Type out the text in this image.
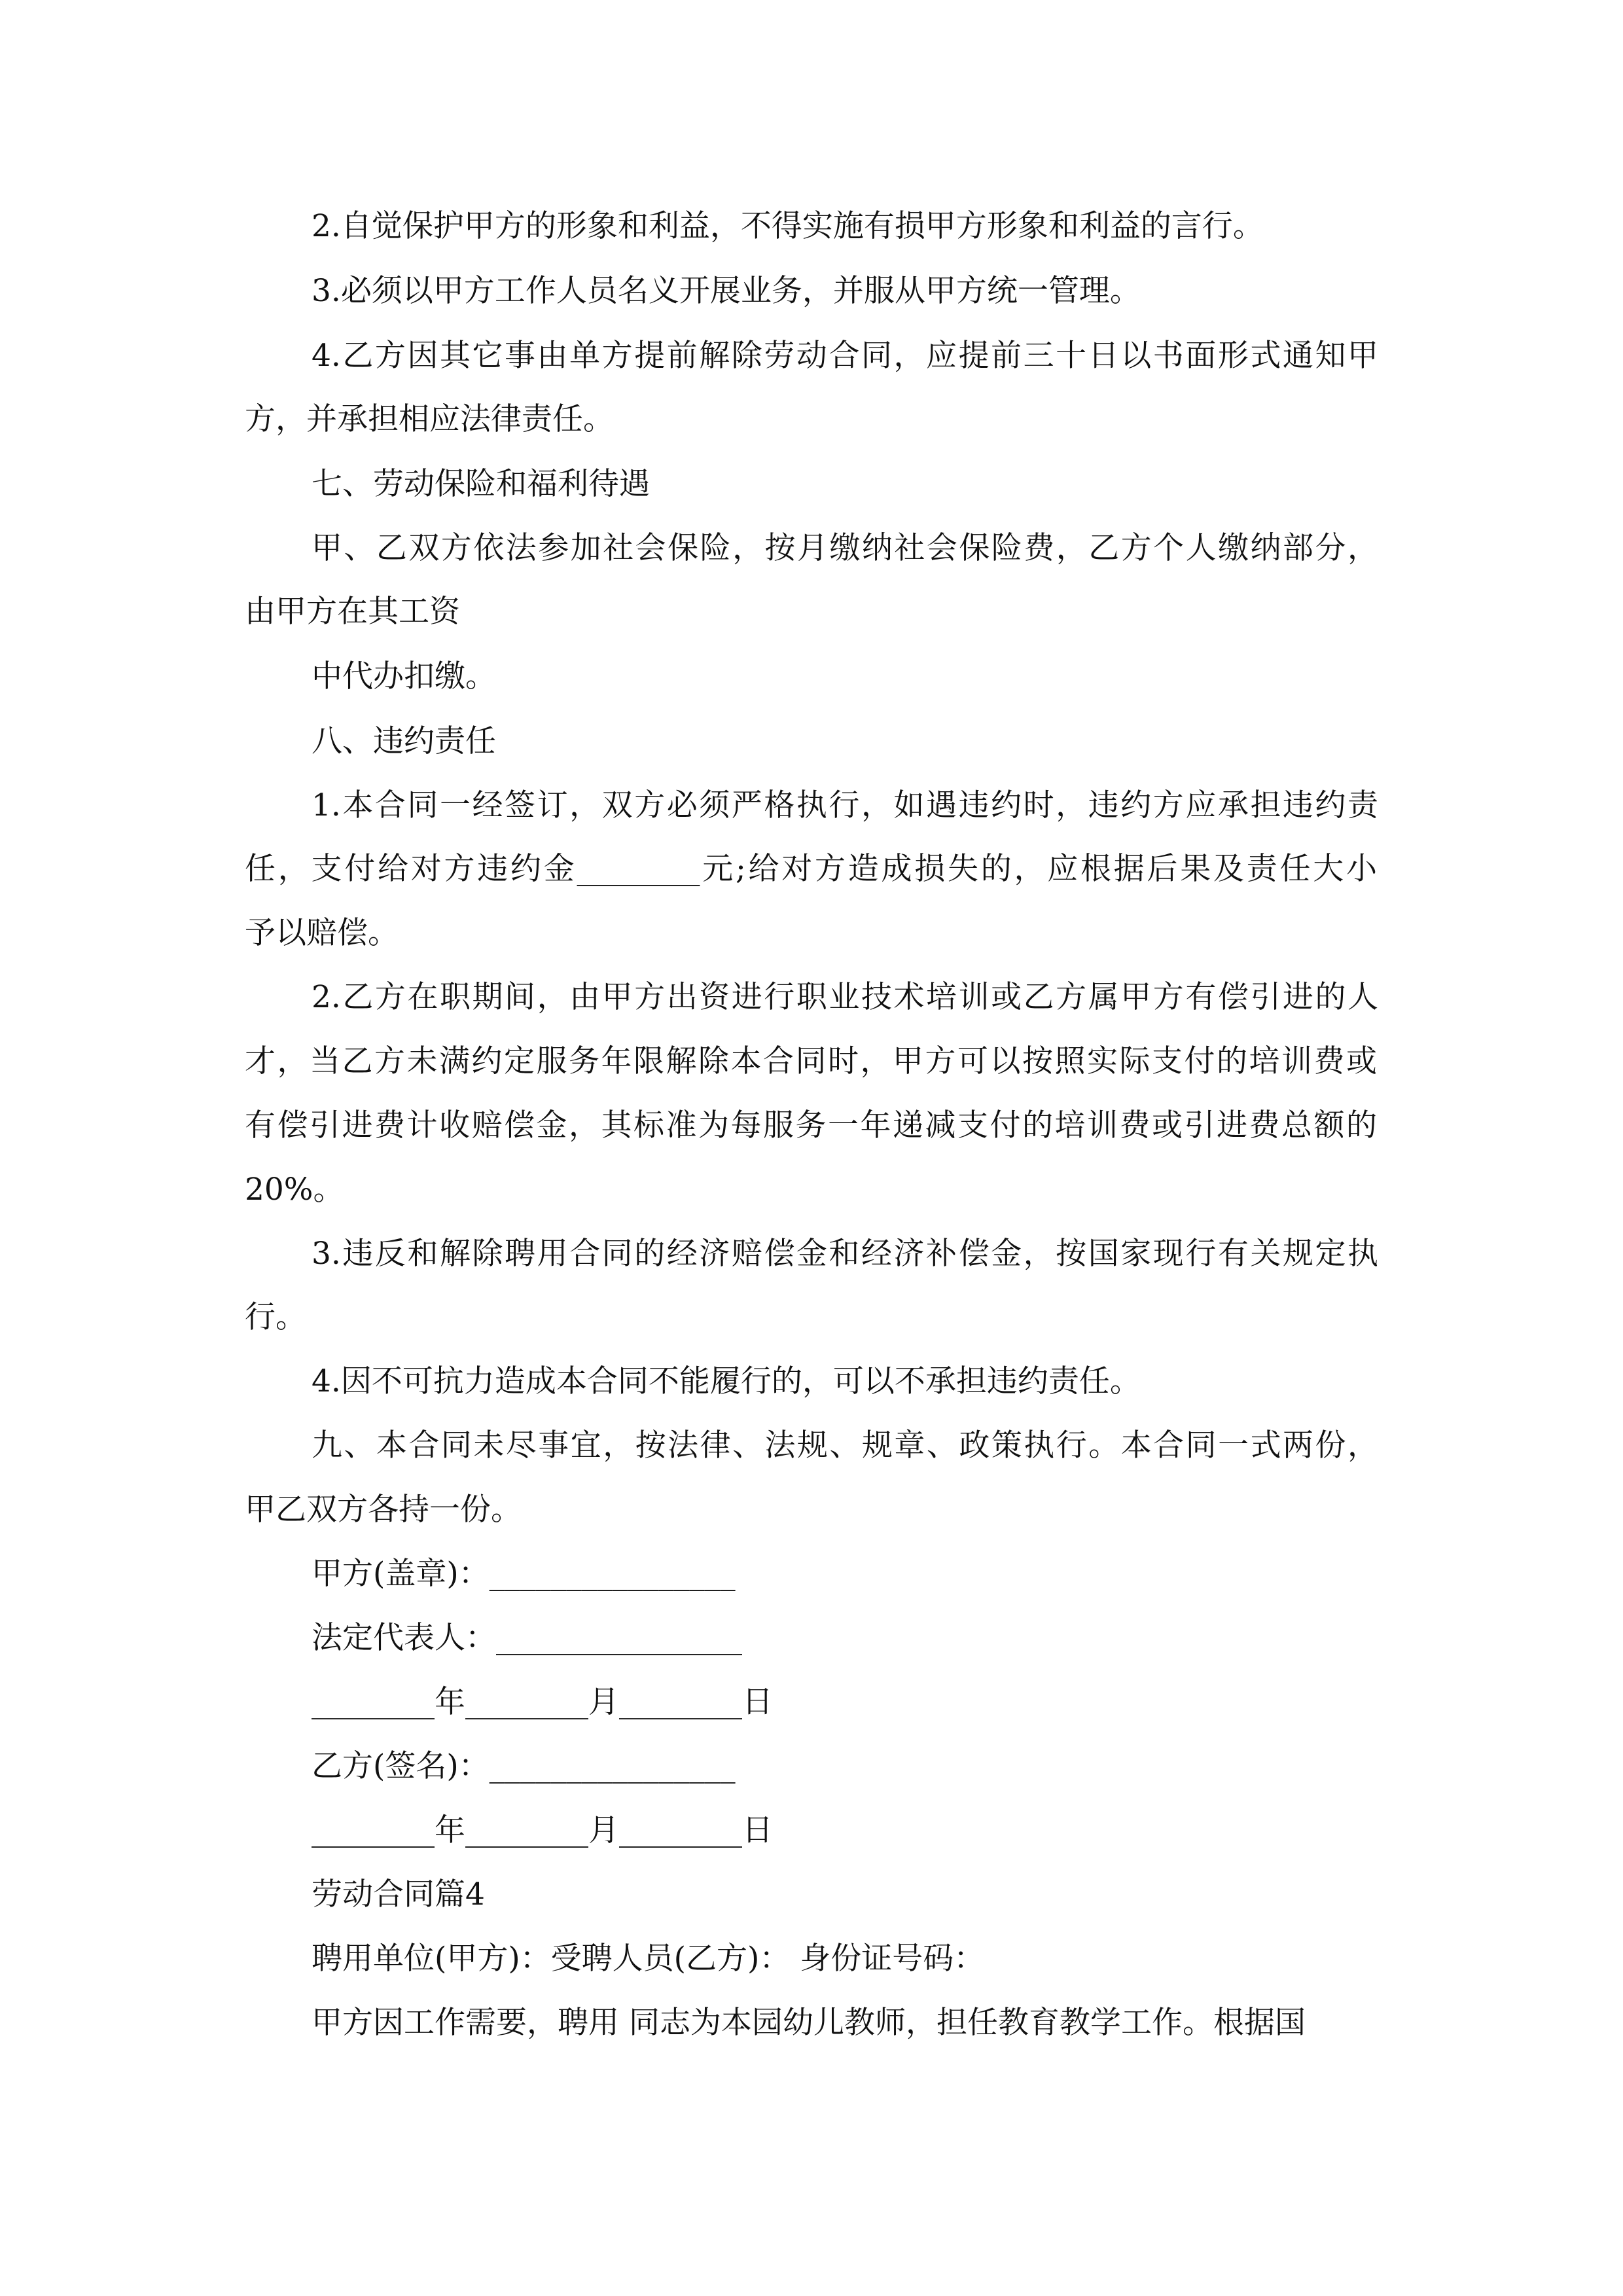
2.自觉保护甲方的形象和利益，不得实施有损甲方形象和利益的言行。

3.必须以甲方工作人员名义开展业务，并服从甲方统一管理。

4.乙方因其它事由单方提前解除劳动合同，应提前三十日以书面形式通知甲

方，并承担相应法律责任。

七、劳动保险和福利待遇

甲、乙双方依法参加社会保险，按月缴纳社会保险费，乙方个人缴纳部分，

由甲方在其工资

中代办扣缴。

八、违约责任

1.本合同一经签订，双方必须严格执行，如遇违约时，违约方应承担违约责

任，支付给对方违约金________元;给对方造成损失的，应根据后果及责任大小

予以赔偿。

2.乙方在职期间，由甲方出资进行职业技术培训或乙方属甲方有偿引进的人

才，当乙方未满约定服务年限解除本合同时，甲方可以按照实际支付的培训费或

有偿引进费计收赔偿金，其标准为每服务一年递减支付的培训费或引进费总额的

20%。

3.违反和解除聘用合同的经济赔偿金和经济补偿金，按国家现行有关规定执

行。

4.因不可抗力造成本合同不能履行的，可以不承担违约责任。

九、本合同未尽事宜，按法律、法规、规章、政策执行。本合同一式两份，

甲乙双方各持一份。

甲方(盖章)：________________

法定代表人：________________

________年________月________日

乙方(签名)：________________

________年________月________日

劳动合同篇4

聘用单位(甲方)：受聘人员(乙方)： 身份证号码：

甲方因工作需要，聘用 同志为本园幼儿教师，担任教育教学工作。根据国
